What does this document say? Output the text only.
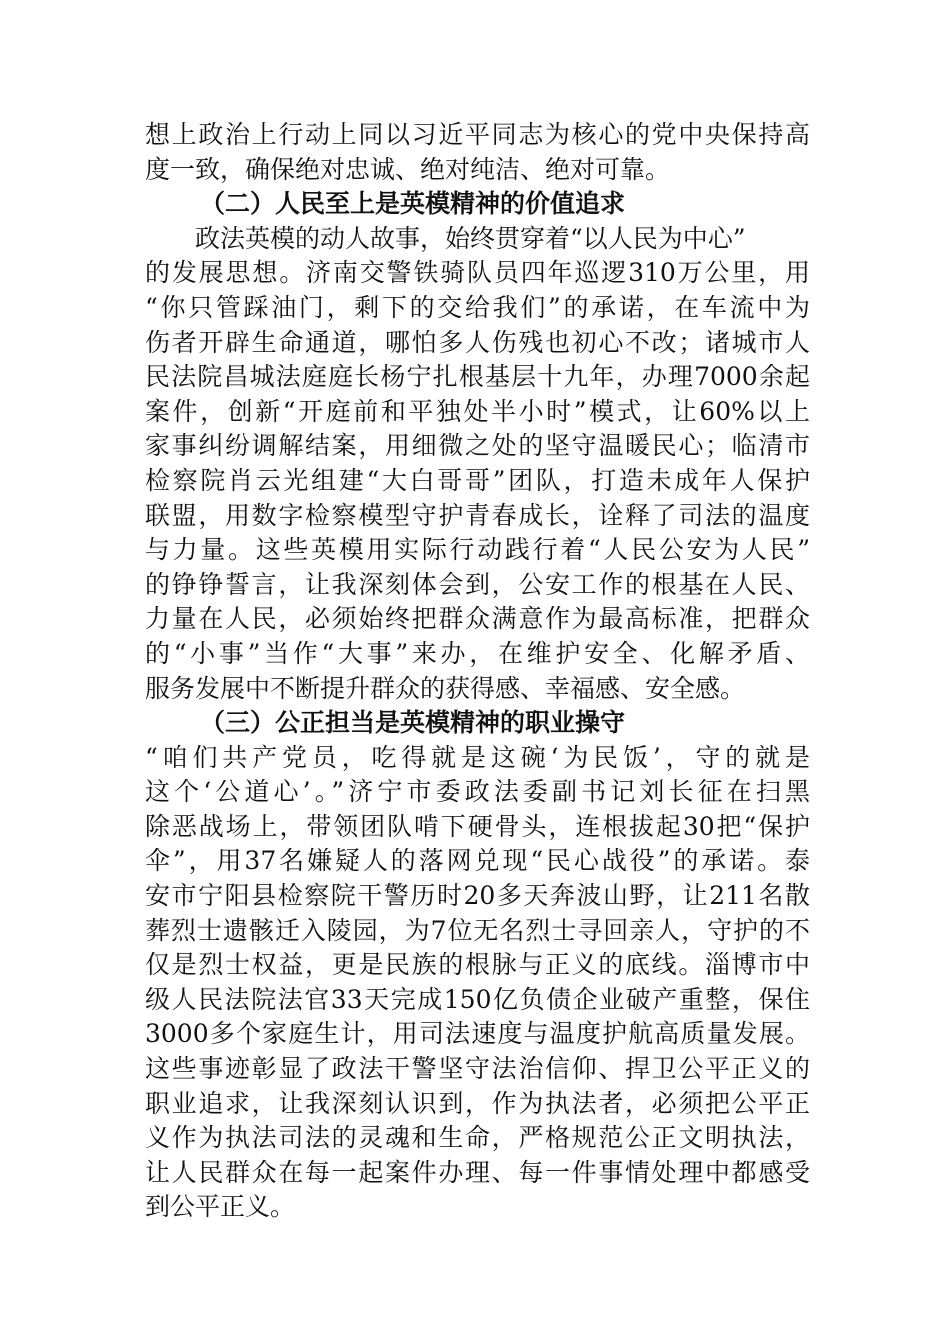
想上政治上行动上同以习近平同志为核心的党中央保持高
度一致，确保绝对忠诚、绝对纯洁、绝对可靠。
（二）人民至上是英模精神的价值追求
政法英模的动人故事，始终贯穿着“以人民为中心”
的发展思想。济南交警铁骑队员四年巡逻310万公里，用
“你只管踩油门，剩下的交给我们”的承诺，在车流中为
伤者开辟生命通道，哪怕多人伤残也初心不改；诸城市人
民法院昌城法庭庭长杨宁扎根基层十九年，办理7000余起
案件，创新“开庭前和平独处半小时”模式，让60%以上
家事纠纷调解结案，用细微之处的坚守温暖民心；临清市
检察院肖云光组建“大白哥哥”团队，打造未成年人保护
联盟，用数字检察模型守护青春成长，诠释了司法的温度
与力量。这些英模用实际行动践行着“人民公安为人民”
的铮铮誓言，让我深刻体会到，公安工作的根基在人民、
力量在人民，必须始终把群众满意作为最高标准，把群众
的“小事”当作“大事”来办，在维护安全、化解矛盾、
服务发展中不断提升群众的获得感、幸福感、安全感。
（三）公正担当是英模精神的职业操守
“咱们共产党员，吃得就是这碗‘为民饭’，守的就是
这个‘公道心’。”济宁市委政法委副书记刘长征在扫黑
除恶战场上，带领团队啃下硬骨头，连根拔起30把“保护
伞”，用37名嫌疑人的落网兑现“民心战役”的承诺。泰
安市宁阳县检察院干警历时20多天奔波山野，让211名散
葬烈士遗骸迁入陵园，为7位无名烈士寻回亲人，守护的不
仅是烈士权益，更是民族的根脉与正义的底线。淄博市中
级人民法院法官33天完成150亿负债企业破产重整，保住
3000多个家庭生计，用司法速度与温度护航高质量发展。
这些事迹彰显了政法干警坚守法治信仰、捍卫公平正义的
职业追求，让我深刻认识到，作为执法者，必须把公平正
义作为执法司法的灵魂和生命，严格规范公正文明执法，
让人民群众在每一起案件办理、每一件事情处理中都感受
到公平正义。
